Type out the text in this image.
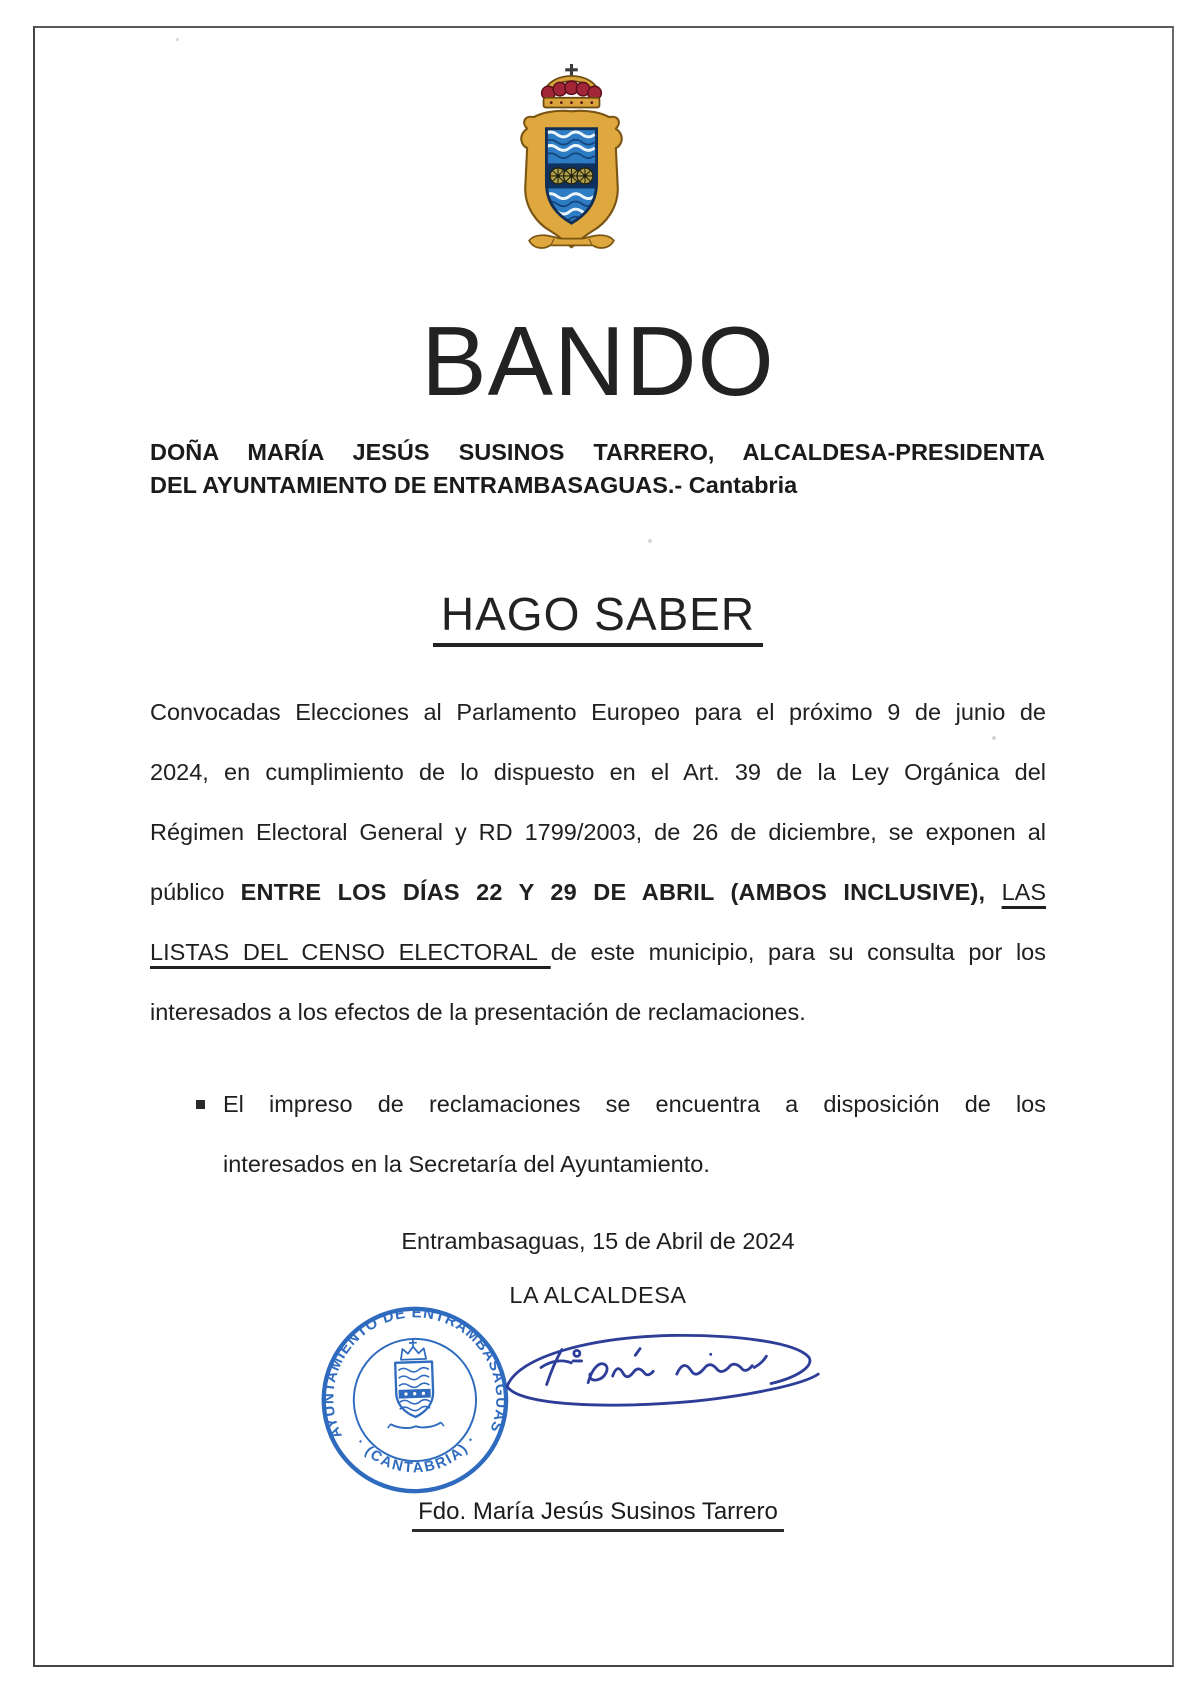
BANDO
DOÑA MARÍA JESÚS SUSINOS TARRERO, ALCALDESA-PRESIDENTA
DEL AYUNTAMIENTO DE ENTRAMBASAGUAS.- Cantabria
HAGO SABER
Convocadas Elecciones al Parlamento Europeo para el próximo 9 de junio de
2024, en cumplimiento de lo dispuesto en el Art. 39 de la Ley Orgánica del
Régimen Electoral General y RD 1799/2003, de 26 de diciembre, se exponen al
público ENTRE LOS DÍAS 22 Y 29 DE ABRIL (AMBOS INCLUSIVE), LAS
LISTAS DEL CENSO ELECTORAL de este municipio, para su consulta por los
interesados a los efectos de la presentación de reclamaciones.
El impreso de reclamaciones se encuentra a disposición de los
interesados en la Secretaría del Ayuntamiento.
Entrambasaguas, 15 de Abril de 2024
LA ALCALDESA
AYUNTAMIENTO DE ENTRAMBASAGUAS
· (CANTABRIA) ·
Fdo. María Jesús Susinos Tarrero
